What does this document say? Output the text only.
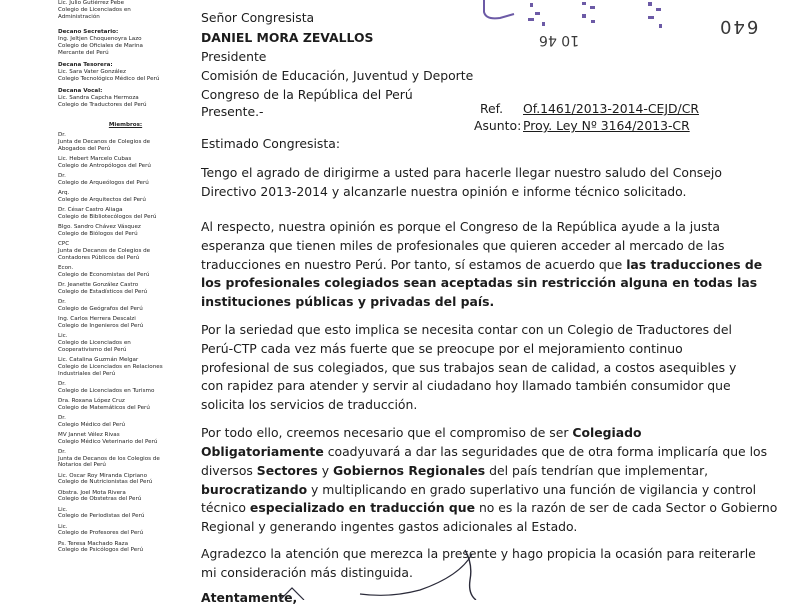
Lic. Julio Gutiérrez Pebe
Colegio de Licenciados en
Administración
Decano Secretario:
Ing. Jeltjen Choquenoyra Lazo
Colegio de Oficiales de Marina
Mercante del Perú
Decana Tesorera:
Lic. Sara Vater González
Colegio Tecnológico Médico del Perú
Decana Vocal:
Lic. Sandra Capcha Hermoza
Colegio de Traductores del Perú
Miembros:
Dr.
Junta de Decanos de Colegios de
Abogados del Perú
Lic. Hebert Marcelo Cubas
Colegio de Antropólogos del Perú
Dr.
Colegio de Arqueólogos del Perú
Arq.
Colegio de Arquitectos del Perú
Dr. César Castro Aliaga
Colegio de Bibliotecólogos del Perú
Blgo. Sandro Chávez Vásquez
Colegio de Biólogos del Perú
CPC
Junta de Decanos de Colegios de
Contadores Públicos del Perú
Econ.
Colegio de Economistas del Perú
Dr. Jeanette González Castro
Colegio de Estadísticos del Perú
Dr.
Colegio de Geógrafos del Perú
Ing. Carlos Herrera Descalzi
Colegio de Ingenieros del Perú
Lic.
Colegio de Licenciados en
Cooperativismo del Perú
Lic. Catalina Guzmán Melgar
Colegio de Licenciados en Relaciones
Industriales del Perú
Dr.
Colegio de Licenciados en Turismo
Dra. Roxana López Cruz
Colegio de Matemáticos del Perú
Dr.
Colegio Médico del Perú
MV Jannet Vélez Rivas
Colegio Médico Veterinario del Perú
Dr.
Junta de Decanos de los Colegios de
Notarios del Perú
Lic. Oscar Roy Miranda Cipriano
Colegio de Nutricionistas del Perú
Obstra. Joel Mota Rivera
Colegio de Obstetras del Perú
Lic.
Colegio de Periodistas del Perú
Lic.
Colegio de Profesores del Perú
Ps. Teresa Machado Raza
Colegio de Psicólogos del Perú
10 46
640
Señor Congresista
DANIEL MORA ZEVALLOS
Presidente
Comisión de Educación, Juventud y Deporte
Congreso de la República del Perú
Presente.-	Ref. Of.1461/2013-2014-CEJD/CR
Asunto: Proy. Ley Nº 3164/2013-CR
Estimado Congresista:
Tengo el agrado de dirigirme a usted para hacerle llegar nuestro saludo del Consejo
Directivo 2013-2014 y alcanzarle nuestra opinión e informe técnico solicitado.
Al respecto, nuestra opinión es porque el Congreso de la República ayude a la justa
esperanza que tienen miles de profesionales que quieren acceder al mercado de las
traducciones en nuestro Perú. Por tanto, sí estamos de acuerdo que las traducciones de
los profesionales colegiados sean aceptadas sin restricción alguna en todas las
instituciones públicas y privadas del país.
Por la seriedad que esto implica se necesita contar con un Colegio de Traductores del
Perú-CTP cada vez más fuerte que se preocupe por el mejoramiento continuo
profesional de sus colegiados, que sus trabajos sean de calidad, a costos asequibles y
con rapidez para atender y servir al ciudadano hoy llamado también consumidor que
solicita los servicios de traducción.
Por todo ello, creemos necesario que el compromiso de ser Colegiado
Obligatoriamente coadyuvará a dar las seguridades que de otra forma implicaría que los
diversos Sectores y Gobiernos Regionales del país tendrían que implementar,
burocratizando y multiplicando en grado superlativo una función de vigilancia y control
técnico especializado en traducción que no es la razón de ser de cada Sector o Gobierno
Regional y generando ingentes gastos adicionales al Estado.
Agradezco la atención que merezca la presente y hago propicia la ocasión para reiterarle
mi consideración más distinguida.
Atentamente,
